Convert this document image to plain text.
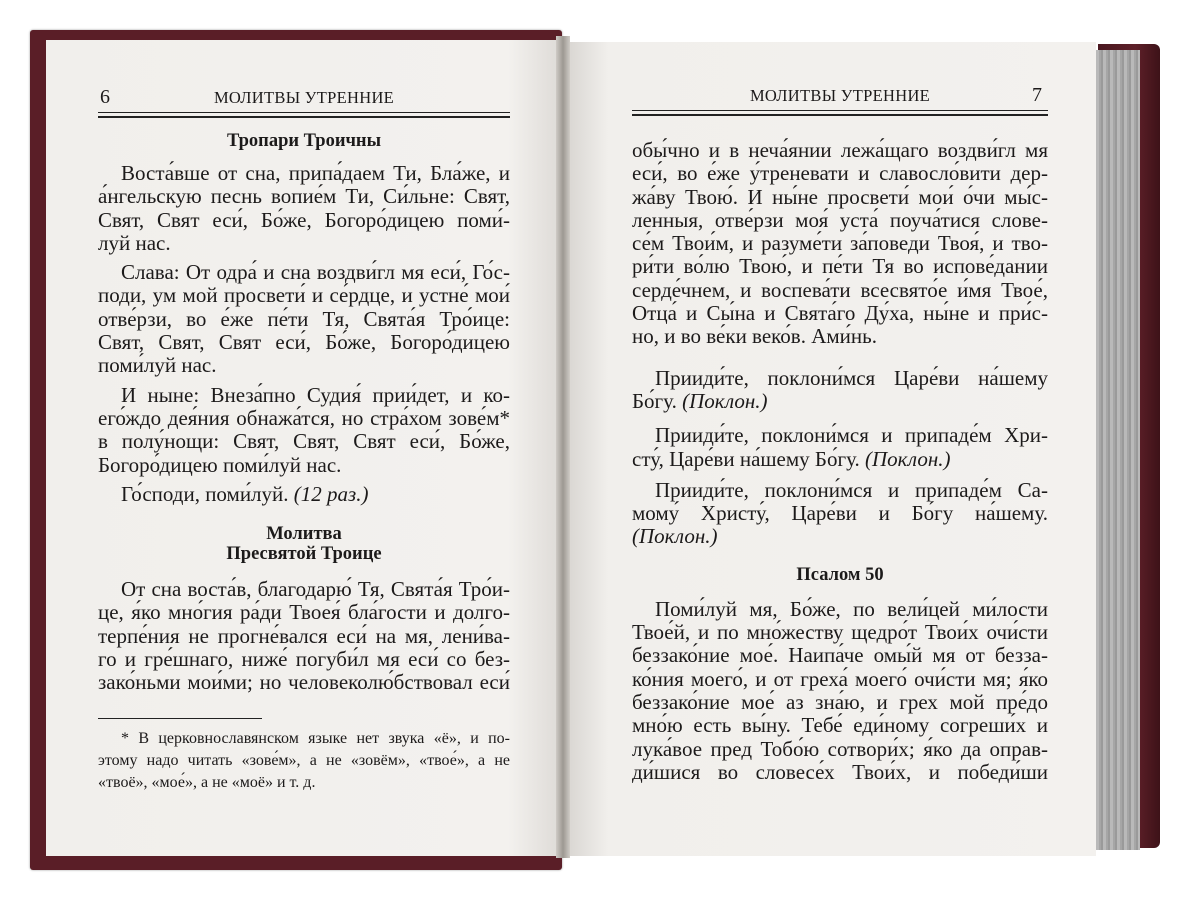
6	МОЛИТВЫ УТРЕННИЕ
Тропари Троичны
Воста́вше от сна, припа́даем Ти, Бла́же, и
а́нгельскую песнь вопие́м Ти, Си́льне: Свят,
Свят, Свят еси́, Бо́же, Богоро́дицею поми́-
луй нас.
Слава: От одра́ и сна воздви́гл мя еси́, Го́с-
поди, ум мой просвети́ и се́рдце, и устне́ мои́
отве́рзи, во е́же пе́ти Тя, Свята́я Тро́ице:
Свят, Свят, Свят еси́, Бо́же, Богоро́дицею
поми́луй нас.
И ныне: Внеза́пно Судия́ прии́дет, и ко-
его́ждо дея́ния обнажа́тся, но стра́хом зове́м*
в полу́нощи: Свят, Свят, Свят еси́, Бо́же,
Богоро́дицею поми́луй нас.
Го́споди, поми́луй. (12 раз.)
Молитва
Пресвятой Троице
От сна воста́в, благодарю́ Тя, Свята́я Тро́и-
це, я́ко мно́гия ра́ди Твоея́ бла́гости и долго-
терпе́ния не прогне́вался еси́ на мя, лени́ва-
го и гре́шнаго, ниже́ погуби́л мя еси́ со без-
зако́ньми мои́ми; но человеколю́бствовал еси́
* В церковнославянском языке нет звука «ё», и по-
этому надо читать «зове́м», а не «зовём», «твое́», а не
«твоё», «мое́», а не «моё» и т. д.
МОЛИТВЫ УТРЕННИЕ	7
обы́чно и в неча́янии лежа́щаго воздви́гл мя
еси́, во е́же у́треневати и славосло́вити дер-
жа́ву Твою́. И ны́не просвети́ мои́ о́чи мы́с-
ленныя, отве́рзи моя́ уста́ поуча́тися слове-
се́м Твои́м, и разуме́ти за́поведи Твоя́, и тво-
ри́ти во́лю Твою́, и пе́ти Тя во испове́дании
серде́чнем, и воспева́ти всесвято́е и́мя Твое́,
Отца́ и Сы́на и Свята́го Ду́ха, ны́не и при́с-
но, и во ве́ки веко́в. Ами́нь.
Прииди́те, поклони́мся Царе́ви на́шему
Бо́гу. (Поклон.)
Прииди́те, поклони́мся и припаде́м Хри-
сту́, Царе́ви на́шему Бо́гу. (Поклон.)
Прииди́те, поклони́мся и припаде́м Са-
мому́ Христу́, Царе́ви и Бо́гу на́шему.
(Поклон.)
Псалом 50
Поми́луй мя, Бо́же, по вели́цей ми́лости
Твое́й, и по мно́жеству щедро́т Твои́х очи́сти
беззако́ние мое́. Наипа́че омы́й мя от безза-
ко́ния моего́, и от греха́ моего́ очи́сти мя; я́ко
беззако́ние мое́ аз зна́ю, и грех мой пре́до
мно́ю есть вы́ну. Тебе́ еди́ному согреши́х и
лука́вое пред Тобо́ю сотвори́х; я́ко да оправ-
ди́шися во словесе́х Твои́х, и победи́ши
